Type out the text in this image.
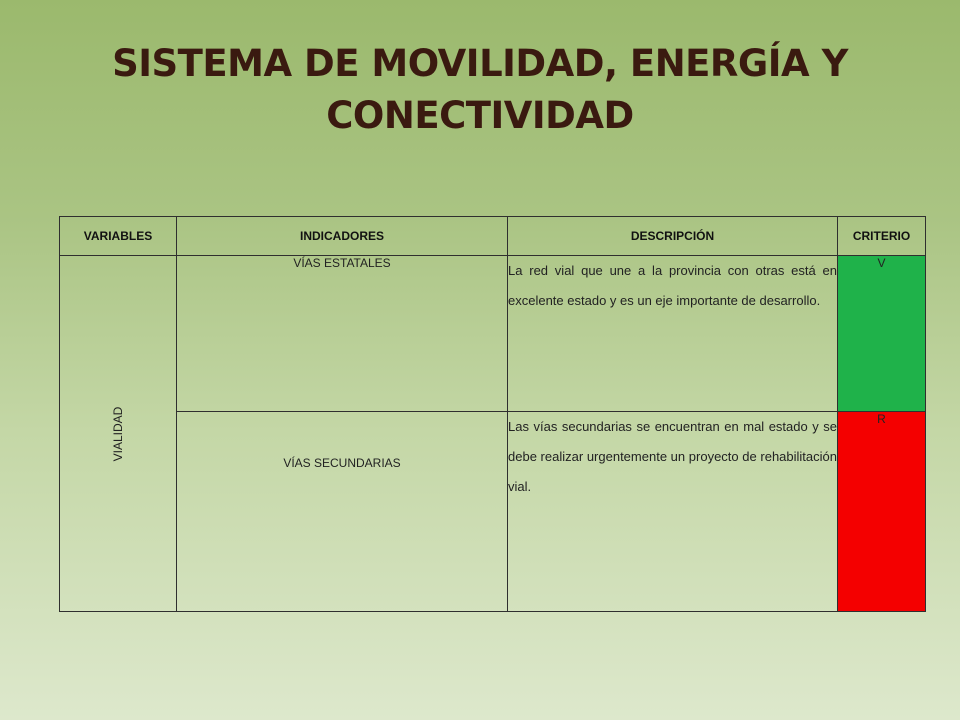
SISTEMA DE MOVILIDAD, ENERGÍA Y
CONECTIVIDAD
VARIABLES	INDICADORES	DESCRIPCIÓN	CRITERIO

VIALIDAD	VÍAS ESTATALES	La red vial que une a la provincia con otras está en excelente estado y es un eje importante de desarrollo.	V
	VÍAS SECUNDARIAS	Las vías secundarias se encuentran en mal estado y se debe realizar urgentemente un proyecto de rehabilitación vial.	R
